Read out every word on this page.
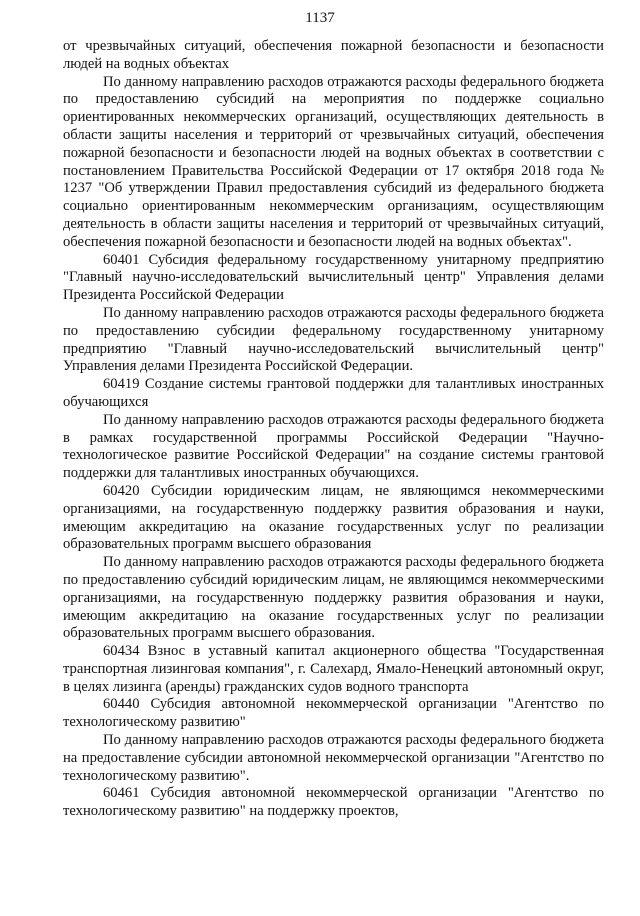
1137

от чрезвычайных ситуаций, обеспечения пожарной безопасности и безопасности людей на водных объектах

По данному направлению расходов отражаются расходы федерального бюджета по предоставлению субсидий на мероприятия по поддержке социально ориентированных некоммерческих организаций, осуществляющих деятельность в области защиты населения и территорий от чрезвычайных ситуаций, обеспечения пожарной безопасности и безопасности людей на водных объектах в соответствии с постановлением Правительства Российской Федерации от 17 октября 2018 года № 1237 "Об утверждении Правил предоставления субсидий из федерального бюджета социально ориентированным некоммерческим организациям, осуществляющим деятельность в области защиты населения и территорий от чрезвычайных ситуаций, обеспечения пожарной безопасности и безопасности людей на водных объектах".

60401 Субсидия федеральному государственному унитарному предприятию "Главный научно-исследовательский вычислительный центр" Управления делами Президента Российской Федерации

По данному направлению расходов отражаются расходы федерального бюджета по предоставлению субсидии федеральному государственному унитарному предприятию "Главный научно-исследовательский вычислительный центр" Управления делами Президента Российской Федерации.

60419 Создание системы грантовой поддержки для талантливых иностранных обучающихся

По данному направлению расходов отражаются расходы федерального бюджета в рамках государственной программы Российской Федерации "Научно-технологическое развитие Российской Федерации" на создание системы грантовой поддержки для талантливых иностранных обучающихся.

60420 Субсидии юридическим лицам, не являющимся некоммерческими организациями, на государственную поддержку развития образования и науки, имеющим аккредитацию на оказание государственных услуг по реализации образовательных программ высшего образования

По данному направлению расходов отражаются расходы федерального бюджета по предоставлению субсидий юридическим лицам, не являющимся некоммерческими организациями, на государственную поддержку развития образования и науки, имеющим аккредитацию на оказание государственных услуг по реализации образовательных программ высшего образования.

60434 Взнос в уставный капитал акционерного общества "Государственная транспортная лизинговая компания", г. Салехард, Ямало-Ненецкий автономный округ, в целях лизинга (аренды) гражданских судов водного транспорта

60440 Субсидия автономной некоммерческой организации "Агентство по технологическому развитию"

По данному направлению расходов отражаются расходы федерального бюджета на предоставление субсидии автономной некоммерческой организации "Агентство по технологическому развитию".

60461 Субсидия автономной некоммерческой организации "Агентство по технологическому развитию" на поддержку проектов,
